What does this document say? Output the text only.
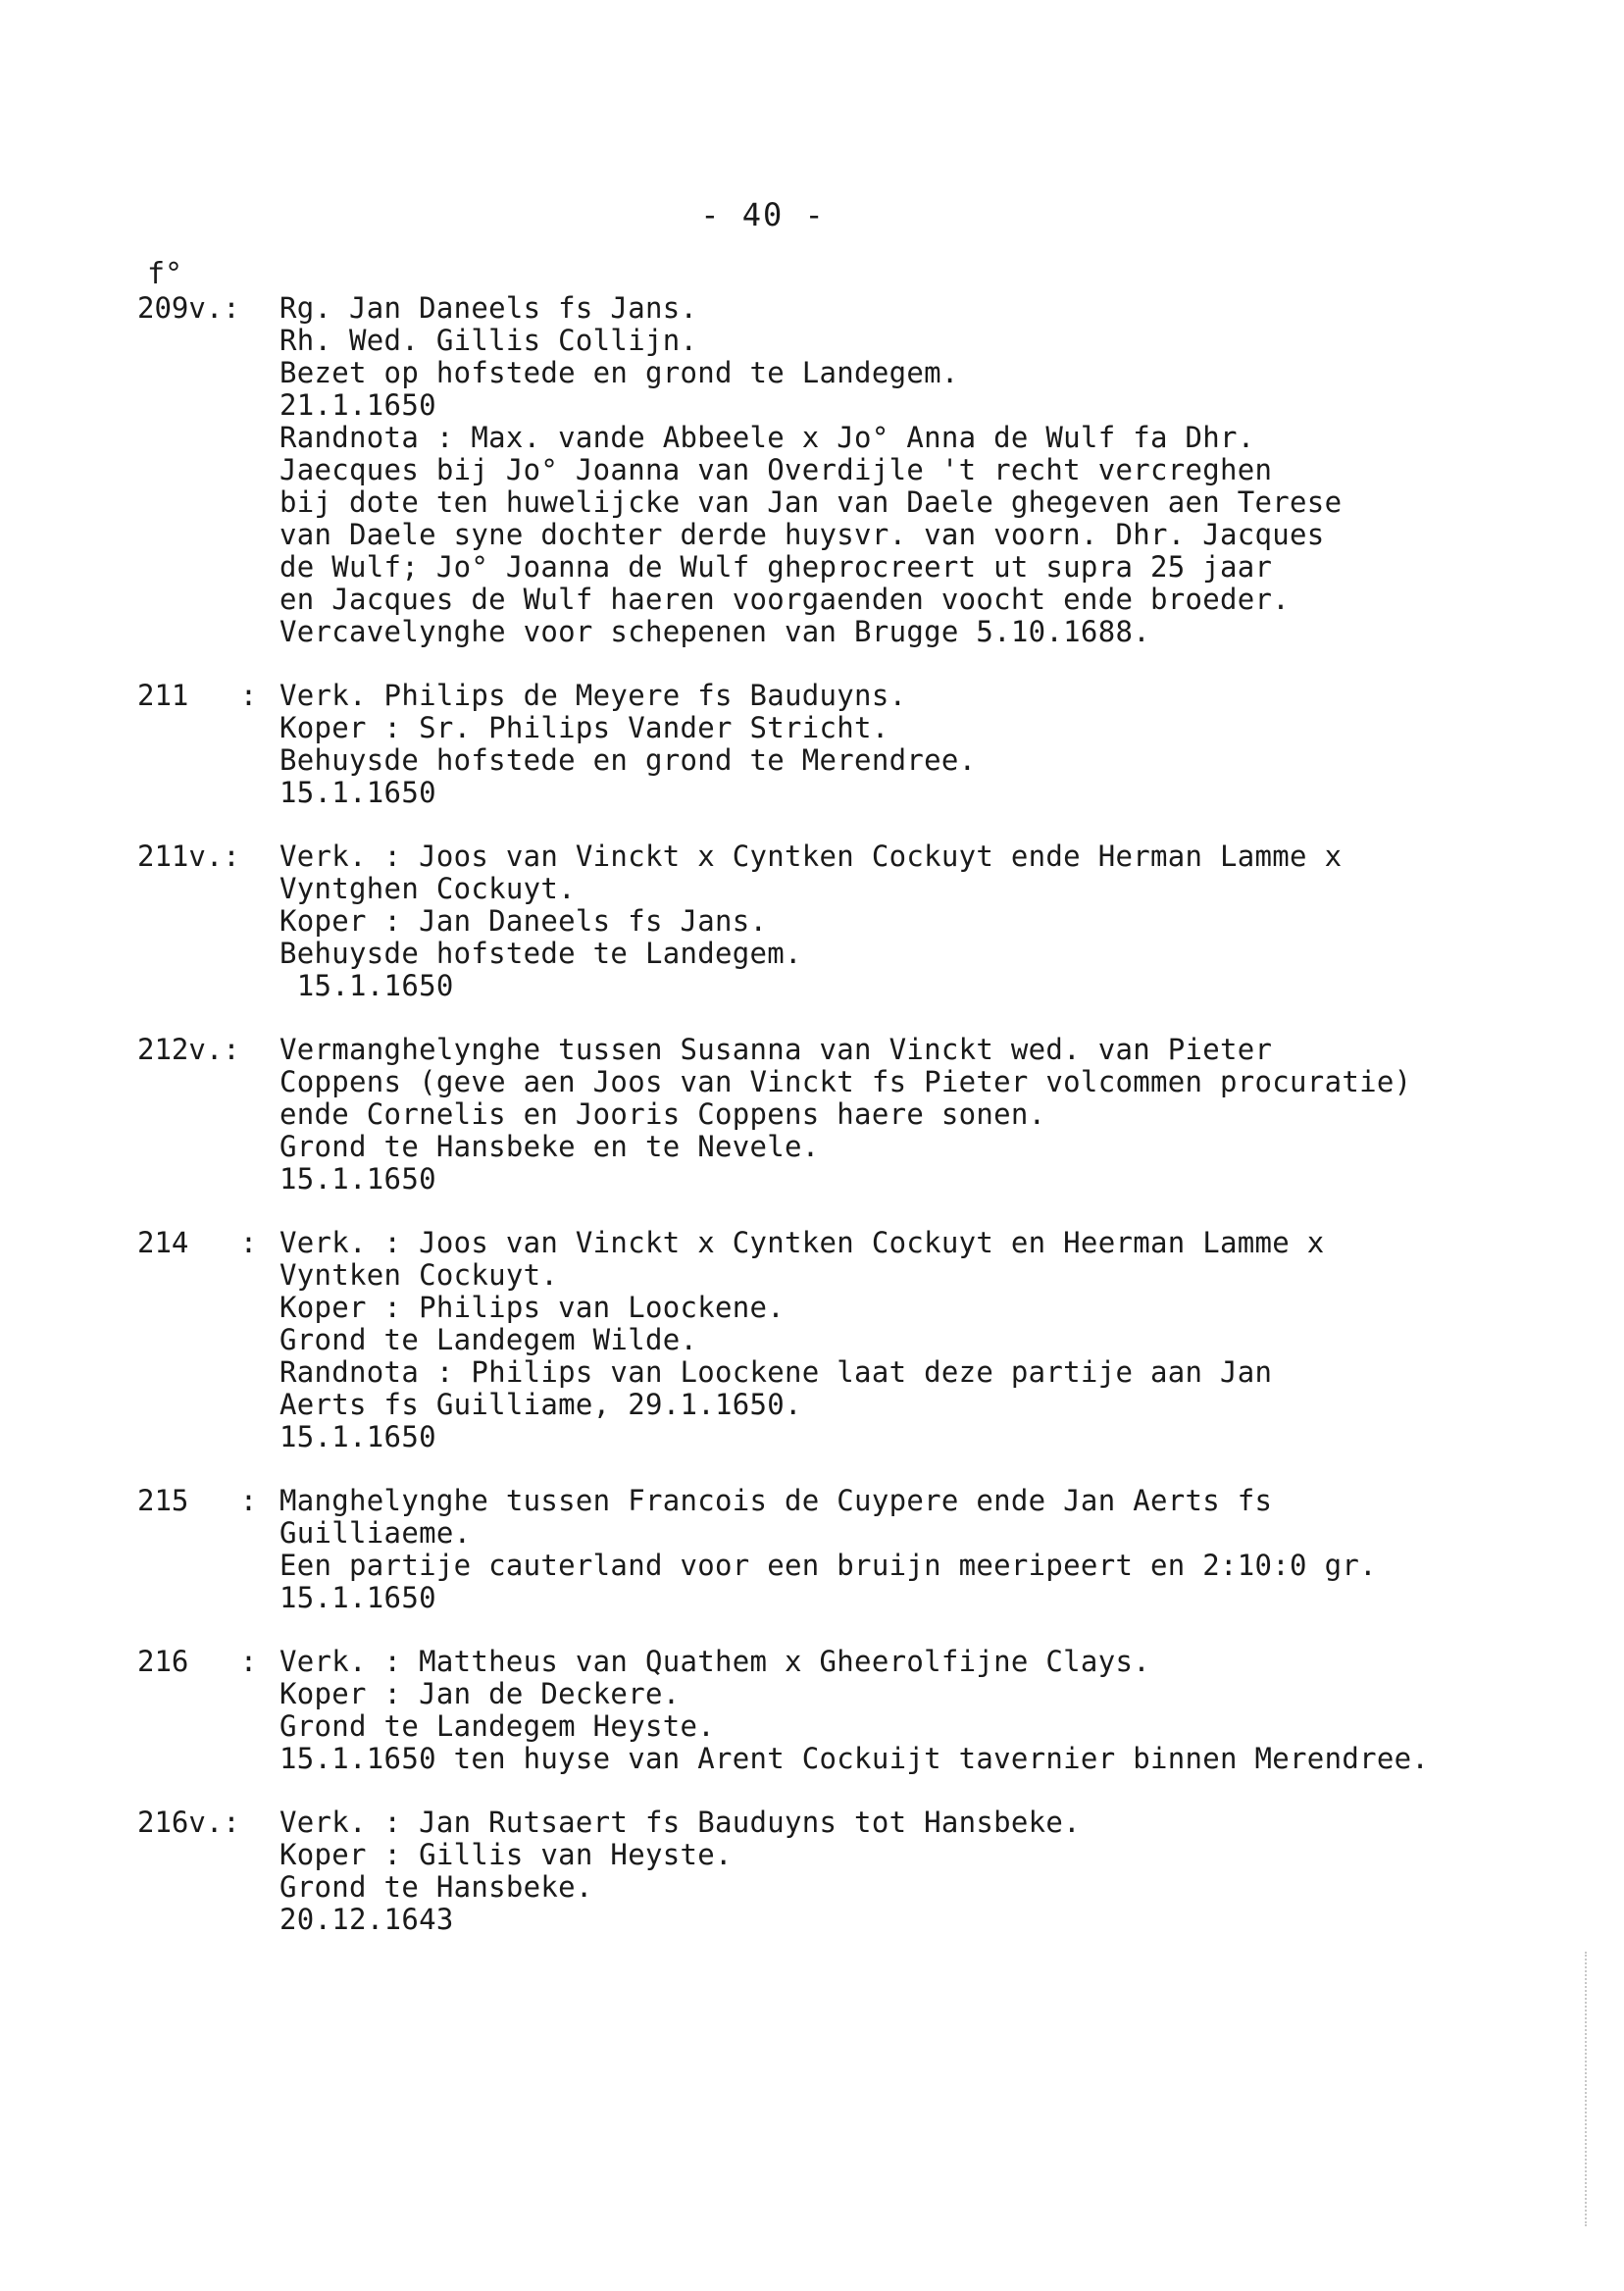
- 40 -
f°
209v.: Rg. Jan Daneels fs Jans.
Rh. Wed. Gillis Collijn.
Bezet op hofstede en grond te Landegem.
21.1.1650
Randnota : Max. vande Abbeele x Jo° Anna de Wulf fa Dhr.
Jaecques bij Jo° Joanna van Overdijle 't recht vercreghen
bij dote ten huwelijcke van Jan van Daele ghegeven aen Terese
van Daele syne dochter derde huysvr. van voorn. Dhr. Jacques
de Wulf; Jo° Joanna de Wulf gheprocreert ut supra 25 jaar
en Jacques de Wulf haeren voorgaenden voocht ende broeder.
Vercavelynghe voor schepenen van Brugge 5.10.1688.
211   : Verk. Philips de Meyere fs Bauduyns.
Koper : Sr. Philips Vander Stricht.
Behuysde hofstede en grond te Merendree.
15.1.1650
211v.: Verk. : Joos van Vinckt x Cyntken Cockuyt ende Herman Lamme x
Vyntghen Cockuyt.
Koper : Jan Daneels fs Jans.
Behuysde hofstede te Landegem.
15.1.1650
212v.: Vermanghelynghe tussen Susanna van Vinckt wed. van Pieter
Coppens (geve aen Joos van Vinckt fs Pieter volcommen procuratie)
ende Cornelis en Jooris Coppens haere sonen.
Grond te Hansbeke en te Nevele.
15.1.1650
214   : Verk. : Joos van Vinckt x Cyntken Cockuyt en Heerman Lamme x
Vyntken Cockuyt.
Koper : Philips van Loockene.
Grond te Landegem Wilde.
Randnota : Philips van Loockene laat deze partije aan Jan
Aerts fs Guilliame, 29.1.1650.
15.1.1650
215   : Manghelynghe tussen Francois de Cuypere ende Jan Aerts fs
Guilliaeme.
Een partije cauterland voor een bruijn meeripeert en 2:10:0 gr.
15.1.1650
216   : Verk. : Mattheus van Quathem x Gheerolfijne Clays.
Koper : Jan de Deckere.
Grond te Landegem Heyste.
15.1.1650 ten huyse van Arent Cockuijt tavernier binnen Merendree.
216v.: Verk. : Jan Rutsaert fs Bauduyns tot Hansbeke.
Koper : Gillis van Heyste.
Grond te Hansbeke.
20.12.1643
